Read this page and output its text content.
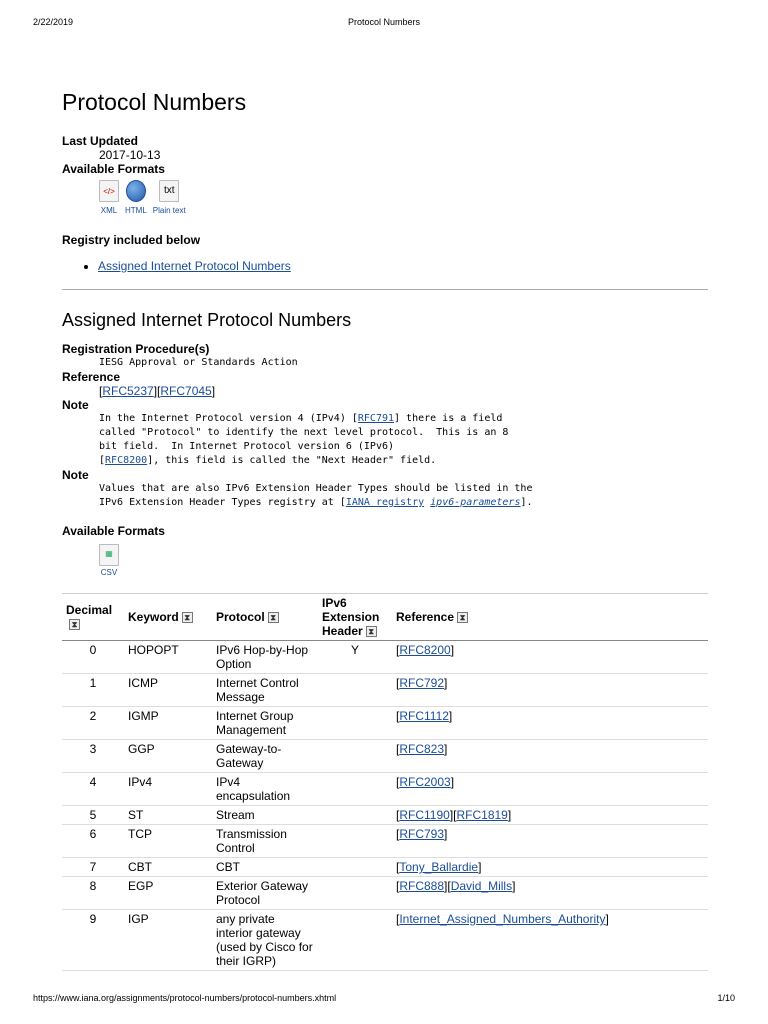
2/22/2019	Protocol Numbers
Protocol Numbers
Last Updated
2017-10-13
Available Formats
</>
XML HTML
txt
Plain text
Registry included below
• Assigned Internet Protocol Numbers
Assigned Internet Protocol Numbers
Registration Procedure(s)
IESG Approval or Standards Action
Reference
[RFC5237][RFC7045]
Note
In the Internet Protocol version 4 (IPv4) [RFC791] there is a field
called "Protocol" to identify the next level protocol.  This is an 8
bit field.  In Internet Protocol version 6 (IPv6)
[RFC8200], this field is called the "Next Header" field.
Note
Values that are also IPv6 Extension Header Types should be listed in the
IPv6 Extension Header Types registry at [IANA registry ipv6-parameters].
Available Formats
▦
CSV
Decimal
⧗	Keyword ⧗	Protocol ⧗	IPv6 Extension Header ⧗	Reference ⧗
0	HOPOPT	IPv6 Hop-by-Hop Option	Y	[RFC8200]
1	ICMP	Internet Control Message		[RFC792]
2	IGMP	Internet Group Management		[RFC1112]
3	GGP	Gateway-to-Gateway		[RFC823]
4	IPv4	IPv4 encapsulation		[RFC2003]
5	ST	Stream		[RFC1190][RFC1819]
6	TCP	Transmission Control		[RFC793]
7	CBT	CBT		[Tony_Ballardie]
8	EGP	Exterior Gateway Protocol		[RFC888][David_Mills]
9	IGP	any private interior gateway (used by Cisco for their IGRP)		[Internet_Assigned_Numbers_Authority]
https://www.iana.org/assignments/protocol-numbers/protocol-numbers.xhtml	1/10
